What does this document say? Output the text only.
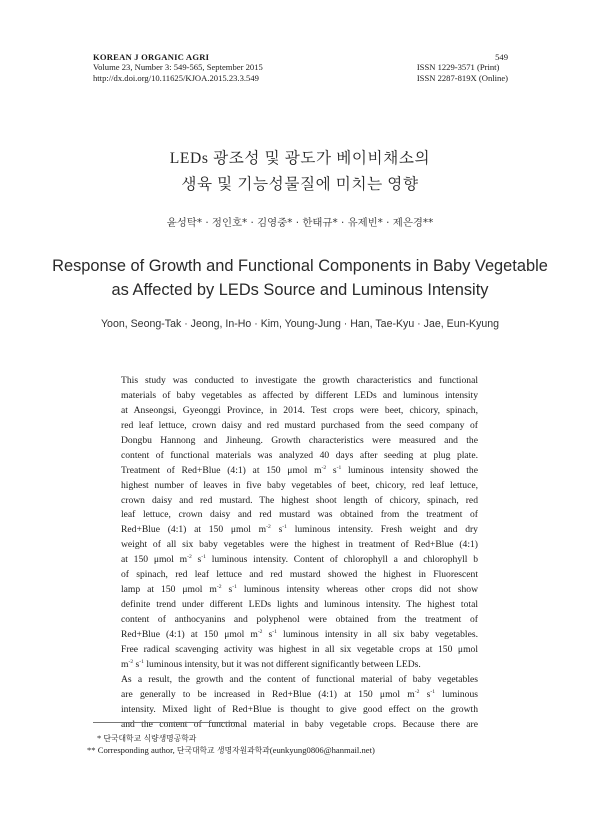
KOREAN J ORGANIC AGRI
Volume 23, Number 3: 549-565, September 2015
http://dx.doi.org/10.11625/KJOA.2015.23.3.549
549
ISSN 1229-3571 (Print)
ISSN 2287-819X (Online)
LEDs 광조성 및 광도가 베이비채소의
생육 및 기능성물질에 미치는 영향
윤성탁* · 정인호* · 김영중* · 한태규* · 유제빈* · 제은경**
Response of Growth and Functional Components in Baby Vegetable
as Affected by LEDs Source and Luminous Intensity
Yoon, Seong-Tak · Jeong, In-Ho · Kim, Young-Jung · Han, Tae-Kyu · Jae, Eun-Kyung
This study was conducted to investigate the growth characteristics and functional
materials of baby vegetables as affected by different LEDs and luminous intensity
at Anseongsi, Gyeonggi Province, in 2014. Test crops were beet, chicory, spinach,
red leaf lettuce, crown daisy and red mustard purchased from the seed company of
Dongbu Hannong and Jinheung. Growth characteristics were measured and the
content of functional materials was analyzed 40 days after seeding at plug plate.
Treatment of Red+Blue (4:1) at 150 μmol $m^{-2}$ $s^{-1}$ luminous intensity showed the
highest number of leaves in five baby vegetables of beet, chicory, red leaf lettuce,
crown daisy and red mustard. The highest shoot length of chicory, spinach, red
leaf lettuce, crown daisy and red mustard was obtained from the treatment of
Red+Blue (4:1) at 150 μmol $m^{-2}$ $s^{-1}$ luminous intensity. Fresh weight and dry
weight of all six baby vegetables were the highest in treatment of Red+Blue (4:1)
at 150 μmol $m^{-2}$ $s^{-1}$ luminous intensity. Content of chlorophyll a and chlorophyll b
of spinach, red leaf lettuce and red mustard showed the highest in Fluorescent
lamp at 150 μmol $m^{-2}$ $s^{-1}$ luminous intensity whereas other crops did not show
definite trend under different LEDs lights and luminous intensity. The highest total
content of anthocyanins and polyphenol were obtained from the treatment of
Red+Blue (4:1) at 150 μmol $m^{-2}$ $s^{-1}$ luminous intensity in all six baby vegetables.
Free radical scavenging activity was highest in all six vegetable crops at 150 μmol
$m^{-2}$ $s^{-1}$ luminous intensity, but it was not different significantly between LEDs.
As a result, the growth and the content of functional material of baby vegetables
are generally to be increased in Red+Blue (4:1) at 150 μmol $m^{-2}$ $s^{-1}$ luminous
intensity. Mixed light of Red+Blue is thought to give good effect on the growth
and the content of functional material in baby vegetable crops. Because there are
* 단국대학교 식량생명공학과
** Corresponding author, 단국대학교 생명자원과학과(eunkyung0806@hanmail.net)
